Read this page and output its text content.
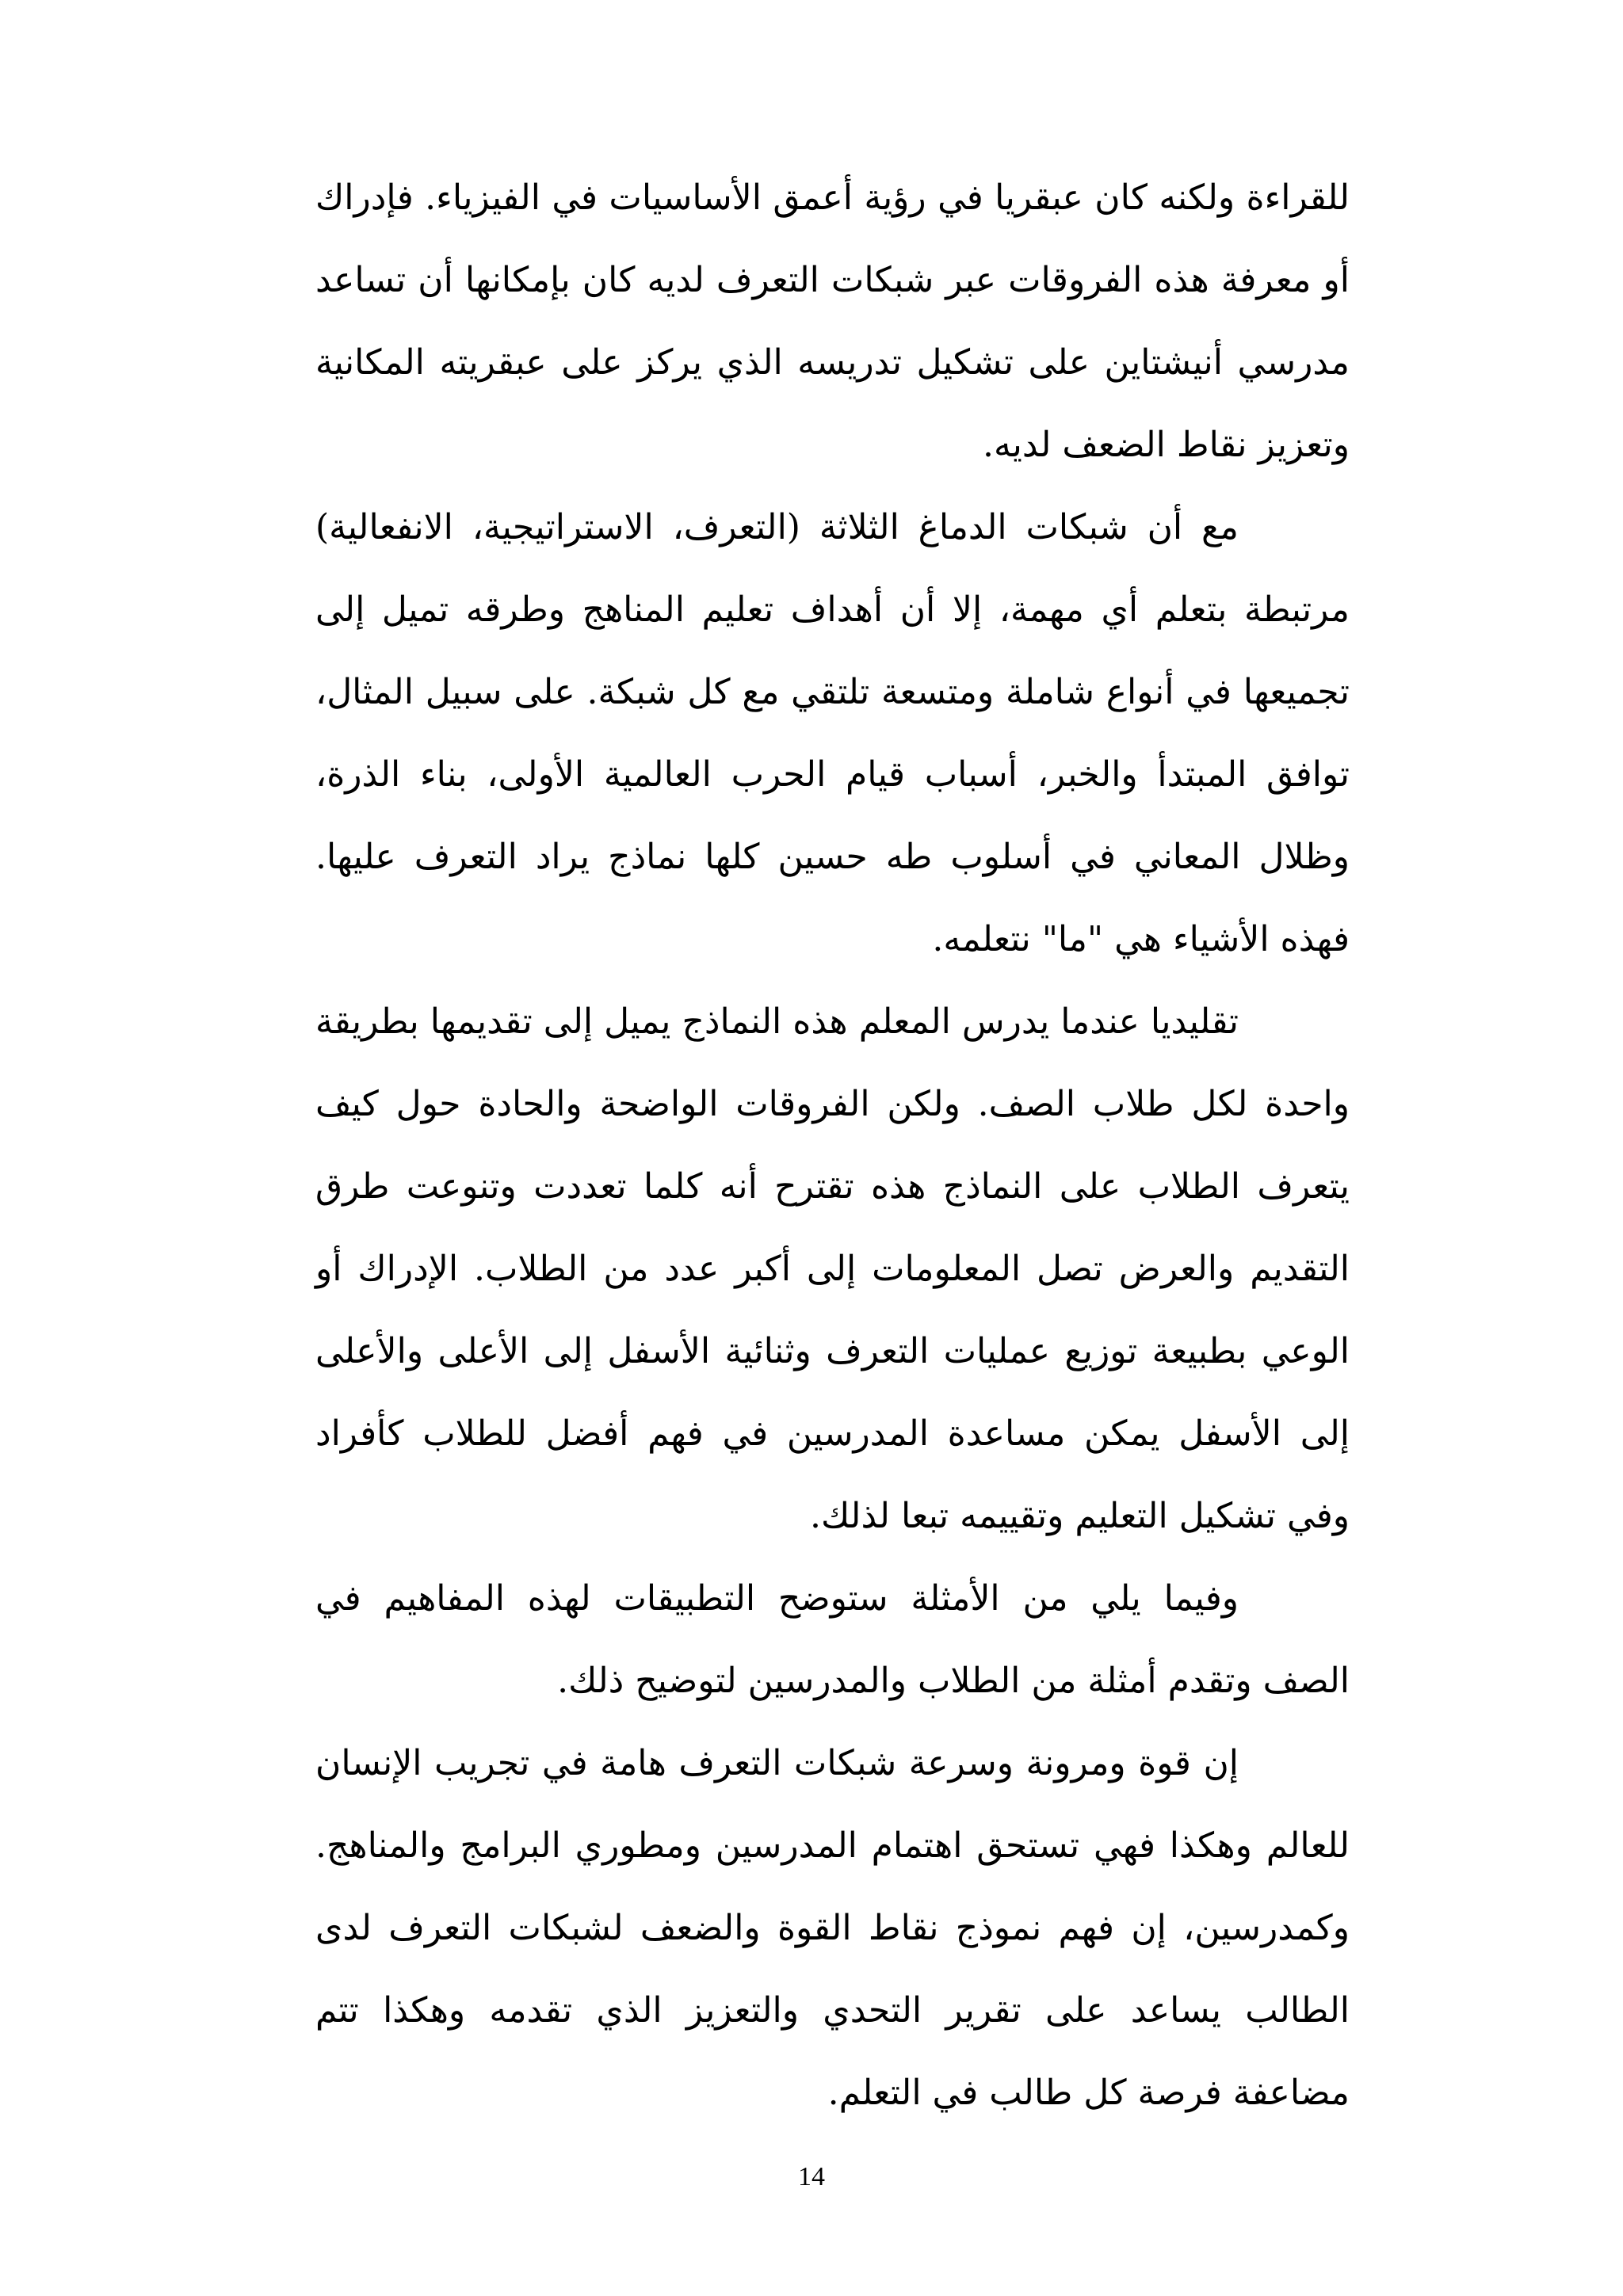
للقراءة ولكنه كان عبقريا في رؤية أعمق الأساسيات في الفيزياء. فإدراك أو معرفة هذه الفروقات عبر شبكات التعرف لديه كان بإمكانها أن تساعد مدرسي أنيشتاين على تشكيل تدريسه الذي يركز على عبقريته المكانية وتعزيز نقاط الضعف لديه.

مع أن شبكات الدماغ الثلاثة (التعرف، الاستراتيجية، الانفعالية) مرتبطة بتعلم أي مهمة، إلا أن أهداف تعليم المناهج وطرقه تميل إلى تجميعها في أنواع شاملة ومتسعة تلتقي مع كل شبكة. على سبيل المثال، توافق المبتدأ والخبر، أسباب قيام الحرب العالمية الأولى، بناء الذرة، وظلال المعاني في أسلوب طه حسين كلها نماذج يراد التعرف عليها. فهذه الأشياء هي "ما" نتعلمه.

تقليديا عندما يدرس المعلم هذه النماذج يميل إلى تقديمها بطريقة واحدة لكل طلاب الصف. ولكن الفروقات الواضحة والحادة حول كيف يتعرف الطلاب على النماذج هذه تقترح أنه كلما تعددت وتنوعت طرق التقديم والعرض تصل المعلومات إلى أكبر عدد من الطلاب. الإدراك أو الوعي بطبيعة توزيع عمليات التعرف وثنائية الأسفل إلى الأعلى والأعلى إلى الأسفل يمكن مساعدة المدرسين في فهم أفضل للطلاب كأفراد وفي تشكيل التعليم وتقييمه تبعا لذلك.

وفيما يلي من الأمثلة ستوضح التطبيقات لهذه المفاهيم في الصف وتقدم أمثلة من الطلاب والمدرسين لتوضيح ذلك.

إن قوة ومرونة وسرعة شبكات التعرف هامة في تجريب الإنسان للعالم وهكذا فهي تستحق اهتمام المدرسين ومطوري البرامج والمناهج. وكمدرسين، إن فهم نموذج نقاط القوة والضعف لشبكات التعرف لدى الطالب يساعد على تقرير التحدي والتعزيز الذي تقدمه وهكذا تتم مضاعفة فرصة كل طالب في التعلم.

14
